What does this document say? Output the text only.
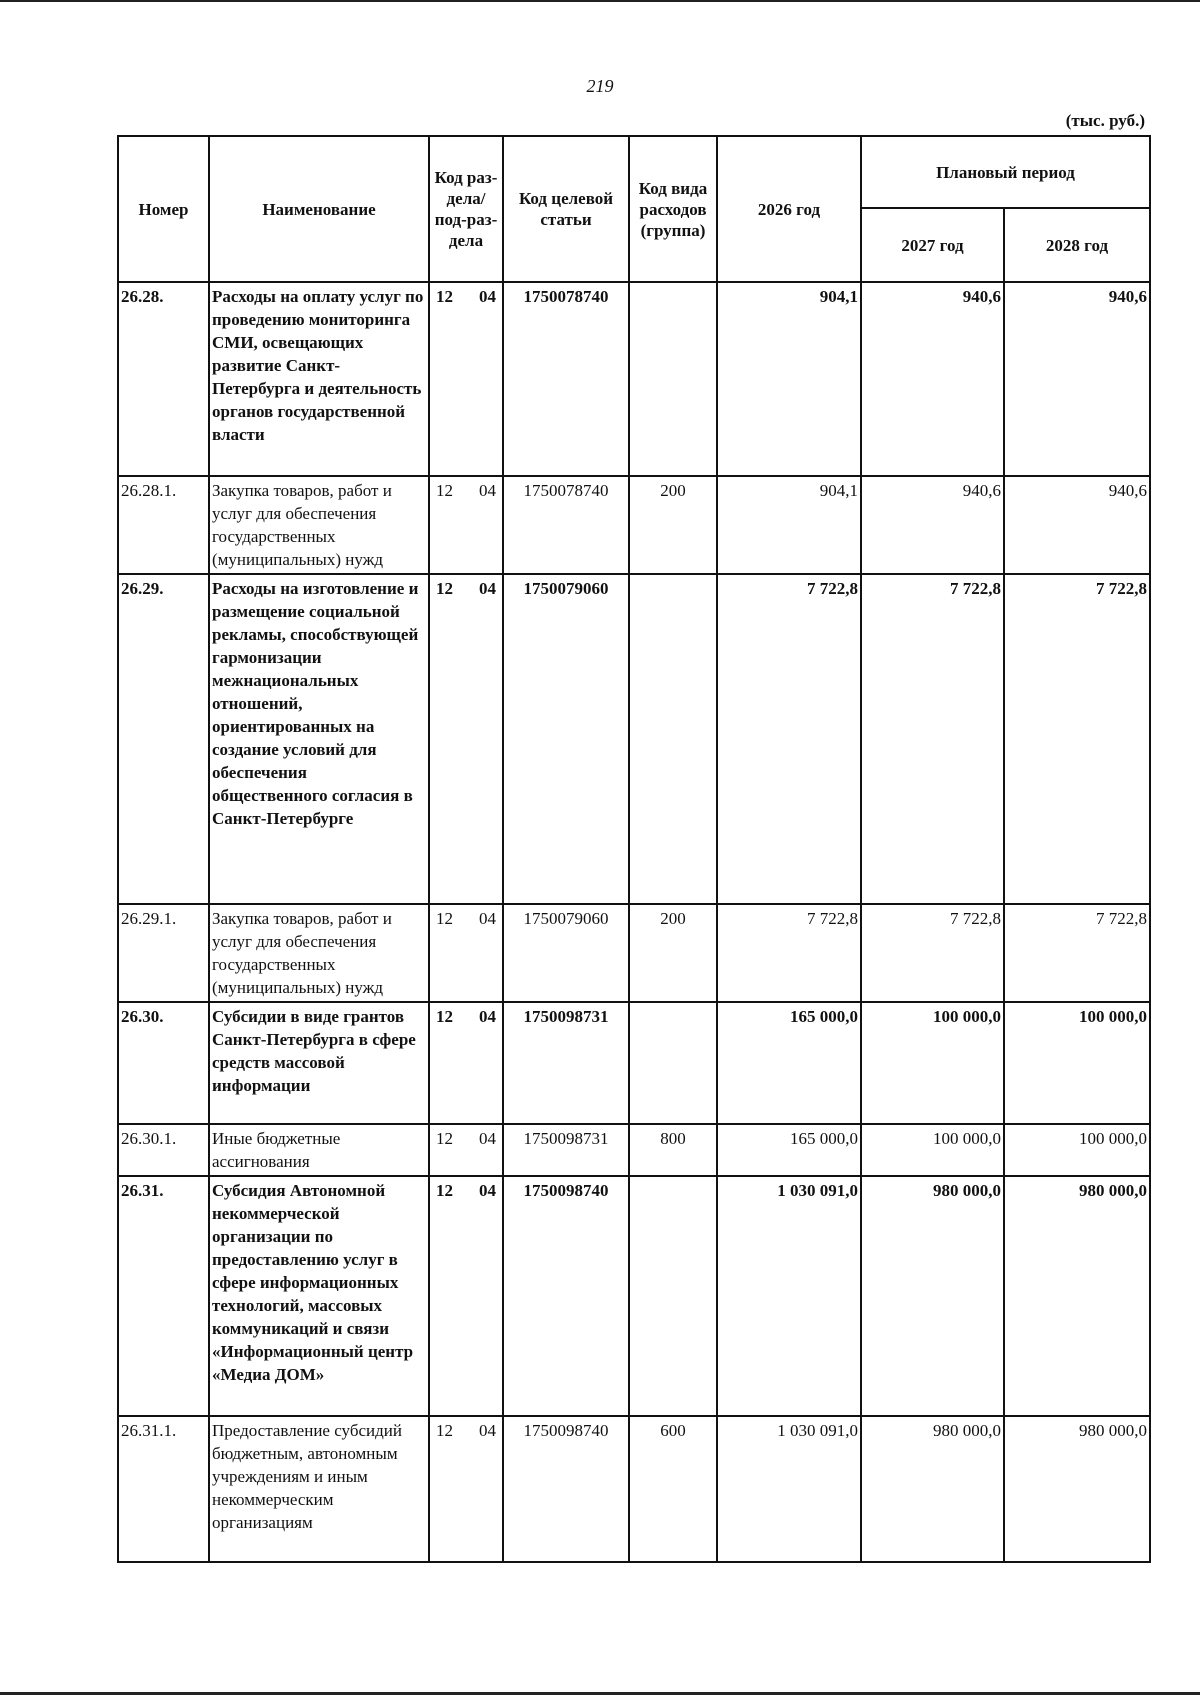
219
(тыс. руб.)
Номер	Наименование	Код раз-дела/ под-раз-дела	Код целевой статьи	Код вида расходов (группа)	2026 год	Плановый период	
						2027 год	2028 год
26.28.	Расходы на оплату услуг по проведению мониторинга СМИ, освещающих развитие Санкт-Петербурга и деятельность органов государственной власти	12 04	1750078740		904,1	940,6	940,6
26.28.1.	Закупка товаров, работ и услуг для обеспечения государственных (муниципальных) нужд	12 04	1750078740	200	904,1	940,6	940,6
26.29.	Расходы на изготовление и размещение социальной рекламы, способствующей гармонизации межнациональных отношений, ориентированных на создание условий для обеспечения общественного согласия в Санкт-Петербурге	12 04	1750079060		7 722,8	7 722,8	7 722,8
26.29.1.	Закупка товаров, работ и услуг для обеспечения государственных (муниципальных) нужд	12 04	1750079060	200	7 722,8	7 722,8	7 722,8
26.30.	Субсидии в виде грантов Санкт-Петербурга в сфере средств массовой информации	12 04	1750098731		165 000,0	100 000,0	100 000,0
26.30.1.	Иные бюджетные ассигнования	12 04	1750098731	800	165 000,0	100 000,0	100 000,0
26.31.	Субсидия Автономной некоммерческой организации по предоставлению услуг в сфере информационных технологий, массовых коммуникаций и связи «Информационный центр «Медиа ДОМ»	12 04	1750098740		1 030 091,0	980 000,0	980 000,0
26.31.1.	Предоставление субсидий бюджетным, автономным учреждениям и иным некоммерческим организациям	12 04	1750098740	600	1 030 091,0	980 000,0	980 000,0
